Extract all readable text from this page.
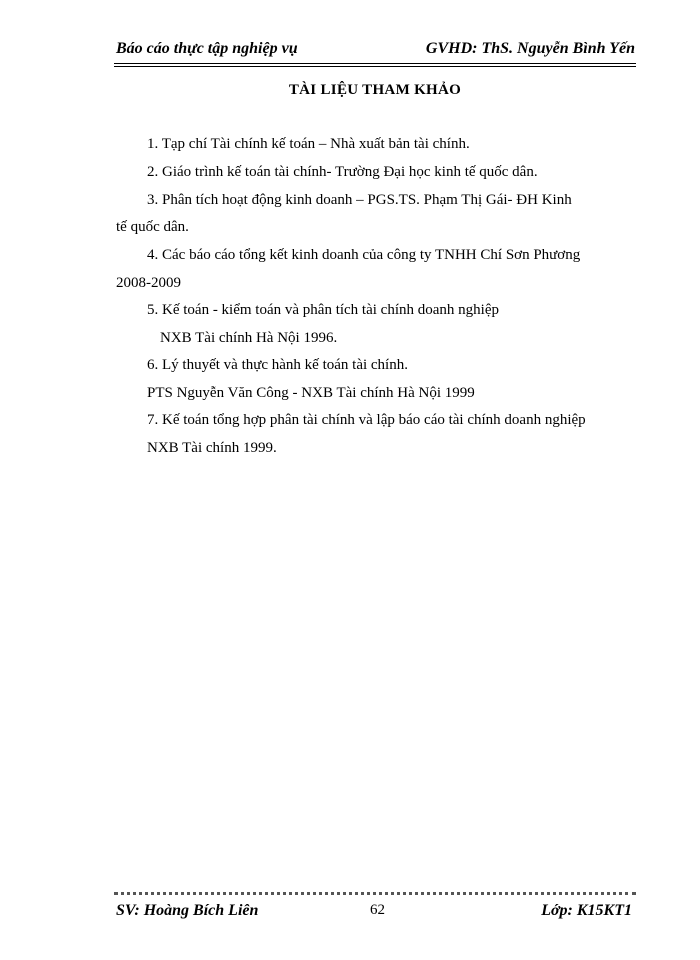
Báo cáo thực tập nghiệp vụ	GVHD: ThS. Nguyễn Bình Yến
TÀI LIỆU THAM KHẢO
1. Tạp chí Tài chính kế toán – Nhà xuất bản tài chính.
2. Giáo trình kế toán tài chính- Trường Đại học kinh tế quốc dân.
3. Phân tích hoạt động kinh doanh – PGS.TS. Phạm Thị Gái- ĐH Kinh
tế quốc dân.
4. Các báo cáo tổng kết kinh doanh của công ty TNHH Chí Sơn Phương
2008-2009
5. Kế toán - kiểm toán và phân tích tài chính doanh nghiệp
NXB Tài chính Hà Nội 1996.
6. Lý thuyết và thực hành kế toán tài chính.
PTS Nguyễn Văn Công - NXB Tài chính Hà Nội 1999
7. Kế toán tổng hợp phân tài chính và lập báo cáo tài chính doanh nghiệp
NXB Tài chính 1999.
SV: Hoàng Bích Liên	62	Lớp: K15KT1
